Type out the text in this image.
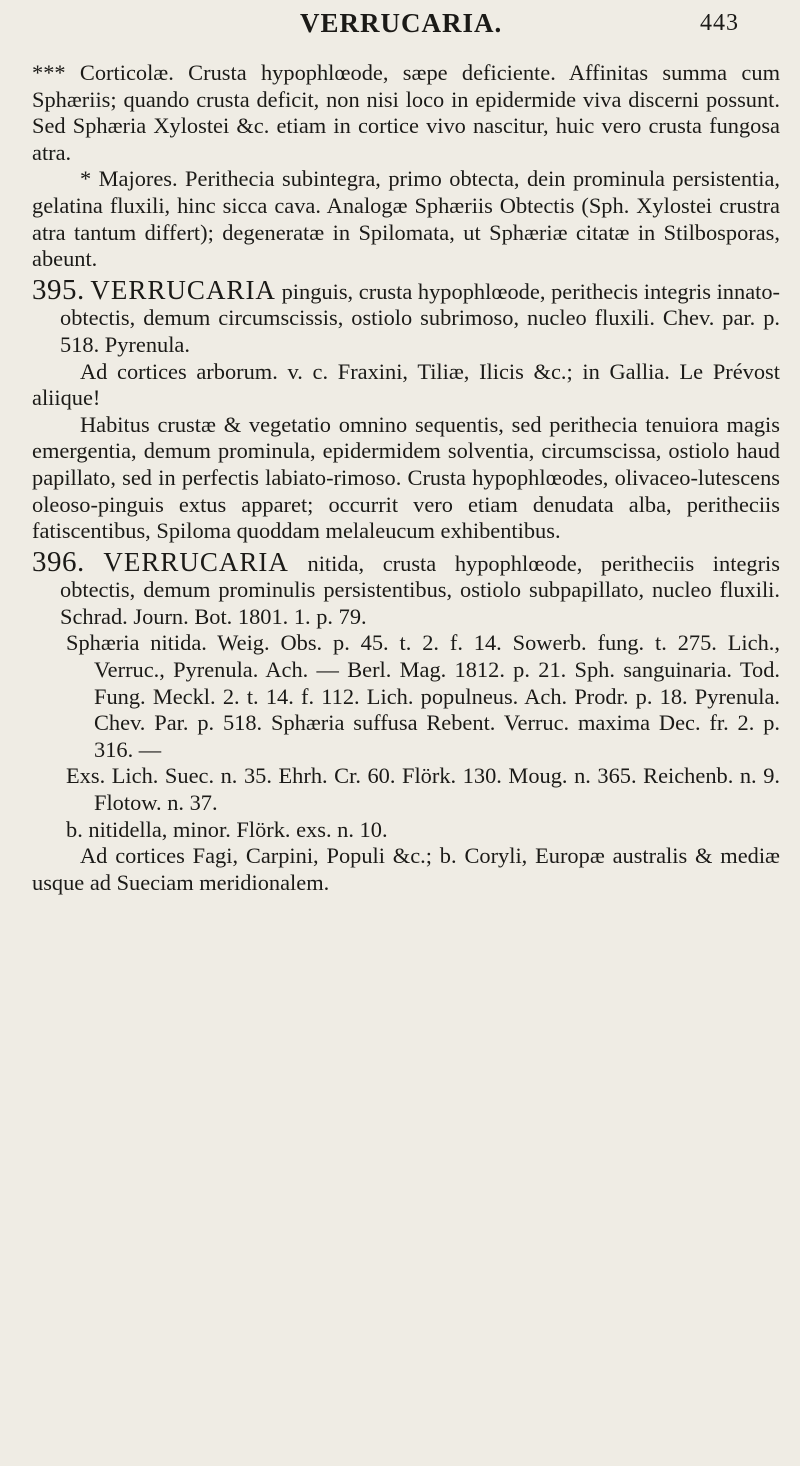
VERRUCARIA.	443

*** Corticolæ. Crusta hypophlœode, sæpe deficiente. Affinitas summa cum Sphæriis; quando crusta deficit, non nisi loco in epidermide viva discerni possunt. Sed Sphæria Xylostei &c. etiam in cortice vivo nascitur, huic vero crusta fungosa atra.

* Majores. Perithecia subintegra, primo obtecta, dein prominula persistentia, gelatina fluxili, hinc sicca cava. Analogæ Sphæriis Obtectis (Sph. Xylostei crustra atra tantum differt); degeneratæ in Spilomata, ut Sphæriæ citatæ in Stilbosporas, abeunt.

395. VERRUCARIA pinguis, crusta hypophlœode, perithecis integris innato-obtectis, demum circumscissis, ostiolo subrimoso, nucleo fluxili. Chev. par. p. 518. Pyrenula.

Ad cortices arborum. v. c. Fraxini, Tiliæ, Ilicis &c.; in Gallia. Le Prévost aliique!

Habitus crustæ & vegetatio omnino sequentis, sed perithecia tenuiora magis emergentia, demum prominula, epidermidem solventia, circumscissa, ostiolo haud papillato, sed in perfectis labiato-rimoso. Crusta hypophlœodes, olivaceo-lutescens oleoso-pinguis extus apparet; occurrit vero etiam denudata alba, peritheciis fatiscentibus, Spiloma quoddam melaleucum exhibentibus.

396. VERRUCARIA nitida, crusta hypophlœode, peritheciis integris obtectis, demum prominulis persistentibus, ostiolo subpapillato, nucleo fluxili. Schrad. Journ. Bot. 1801. 1. p. 79.

Sphæria nitida. Weig. Obs. p. 45. t. 2. f. 14. Sowerb. fung. t. 275. Lich., Verruc., Pyrenula. Ach. — Berl. Mag. 1812. p. 21. Sph. sanguinaria. Tod. Fung. Meckl. 2. t. 14. f. 112. Lich. populneus. Ach. Prodr. p. 18. Pyrenula. Chev. Par. p. 518. Sphæria suffusa Rebent. Verruc. maxima Dec. fr. 2. p. 316. —

Exs. Lich. Suec. n. 35. Ehrh. Cr. 60. Flörk. 130. Moug. n. 365. Reichenb. n. 9. Flotow. n. 37.

b. nitidella, minor. Flörk. exs. n. 10.

Ad cortices Fagi, Carpini, Populi &c.; b. Coryli, Europæ australis & mediæ usque ad Sueciam meridionalem.
